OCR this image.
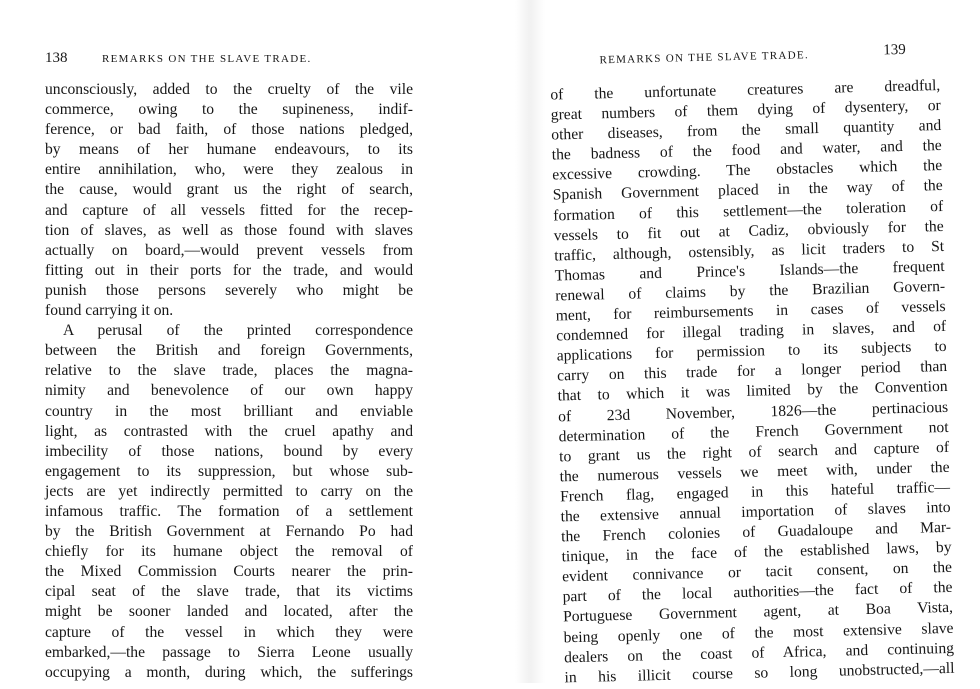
138	REMARKS ON THE SLAVE TRADE.
unconsciously, added to the cruelty of the vile
commerce, owing to the supineness, indif-
ference, or bad faith, of those nations pledged,
by means of her humane endeavours, to its
entire annihilation, who, were they zealous in
the cause, would grant us the right of search,
and capture of all vessels fitted for the recep-
tion of slaves, as well as those found with slaves
actually on board,—would prevent vessels from
fitting out in their ports for the trade, and would
punish those persons severely who might be
found carrying it on.
A perusal of the printed correspondence
between the British and foreign Governments,
relative to the slave trade, places the magna-
nimity and benevolence of our own happy
country in the most brilliant and enviable
light, as contrasted with the cruel apathy and
imbecility of those nations, bound by every
engagement to its suppression, but whose sub-
jects are yet indirectly permitted to carry on the
infamous traffic. The formation of a settlement
by the British Government at Fernando Po had
chiefly for its humane object the removal of
the Mixed Commission Courts nearer the prin-
cipal seat of the slave trade, that its victims
might be sooner landed and located, after the
capture of the vessel in which they were
embarked,—the passage to Sierra Leone usually
occupying a month, during which, the sufferings
REMARKS ON THE SLAVE TRADE.	139
of the unfortunate creatures are dreadful,
great numbers of them dying of dysentery, or
other diseases, from the small quantity and
the badness of the food and water, and the
excessive crowding. The obstacles which the
Spanish Government placed in the way of the
formation of this settlement—the toleration of
vessels to fit out at Cadiz, obviously for the
traffic, although, ostensibly, as licit traders to St
Thomas and Prince's Islands—the frequent
renewal of claims by the Brazilian Govern-
ment, for reimbursements in cases of vessels
condemned for illegal trading in slaves, and of
applications for permission to its subjects to
carry on this trade for a longer period than
that to which it was limited by the Convention
of 23d November, 1826—the pertinacious
determination of the French Government not
to grant us the right of search and capture of
the numerous vessels we meet with, under the
French flag, engaged in this hateful traffic—
the extensive annual importation of slaves into
the French colonies of Guadaloupe and Mar-
tinique, in the face of the established laws, by
evident connivance or tacit consent, on the
part of the local authorities—the fact of the
Portuguese Government agent, at Boa Vista,
being openly one of the most extensive slave
dealers on the coast of Africa, and continuing
in his illicit course so long unobstructed,—all
